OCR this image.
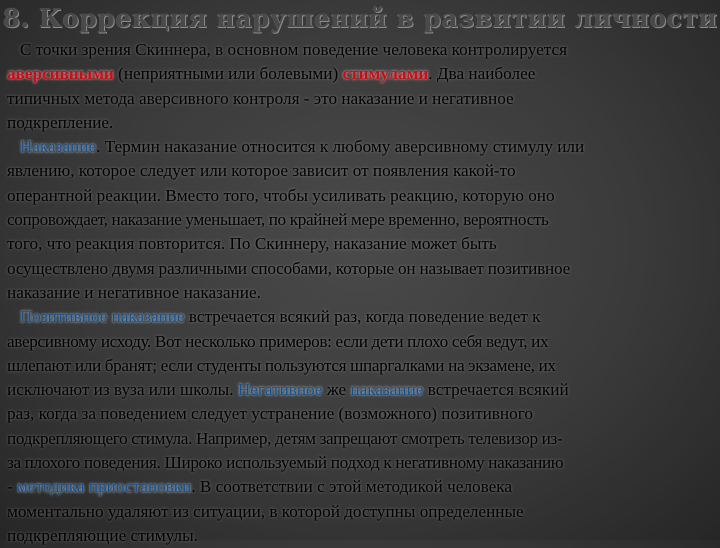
8. Коррекция нарушений в развитии личности
С точки зрения Скиннера, в основном поведение человека контролируется
аверсивными (неприятными или болевыми) стимулами. Два наиболее
типичных метода аверсивного контроля - это наказание и негативное
подкрепление.
Наказание. Термин наказание относится к любому аверсивному стимулу или
явлению, которое следует или которое зависит от появления какой-то
оперантной реакции. Вместо того, чтобы усиливать реакцию, которую оно
сопровождает, наказание уменьшает, по крайней мере временно, вероятность
того, что реакция повторится. По Скиннеру, наказание может быть
осуществлено двумя различными способами, которые он называет позитивное
наказание и негативное наказание.
Позитивное наказание встречается всякий раз, когда поведение ведет к
аверсивному исходу. Вот несколько примеров: если дети плохо себя ведут, их
шлепают или бранят; если студенты пользуются шпаргалками на экзамене, их
исключают из вуза или школы. Негативное же наказание встречается всякий
раз, когда за поведением следует устранение (возможного) позитивного
подкрепляющего стимула. Например, детям запрещают смотреть телевизор из-
за плохого поведения. Широко используемый подход к негативному наказанию
- методика приостановки. В соответствии с этой методикой человека
моментально удаляют из ситуации, в которой доступны определенные
подкрепляющие стимулы.
